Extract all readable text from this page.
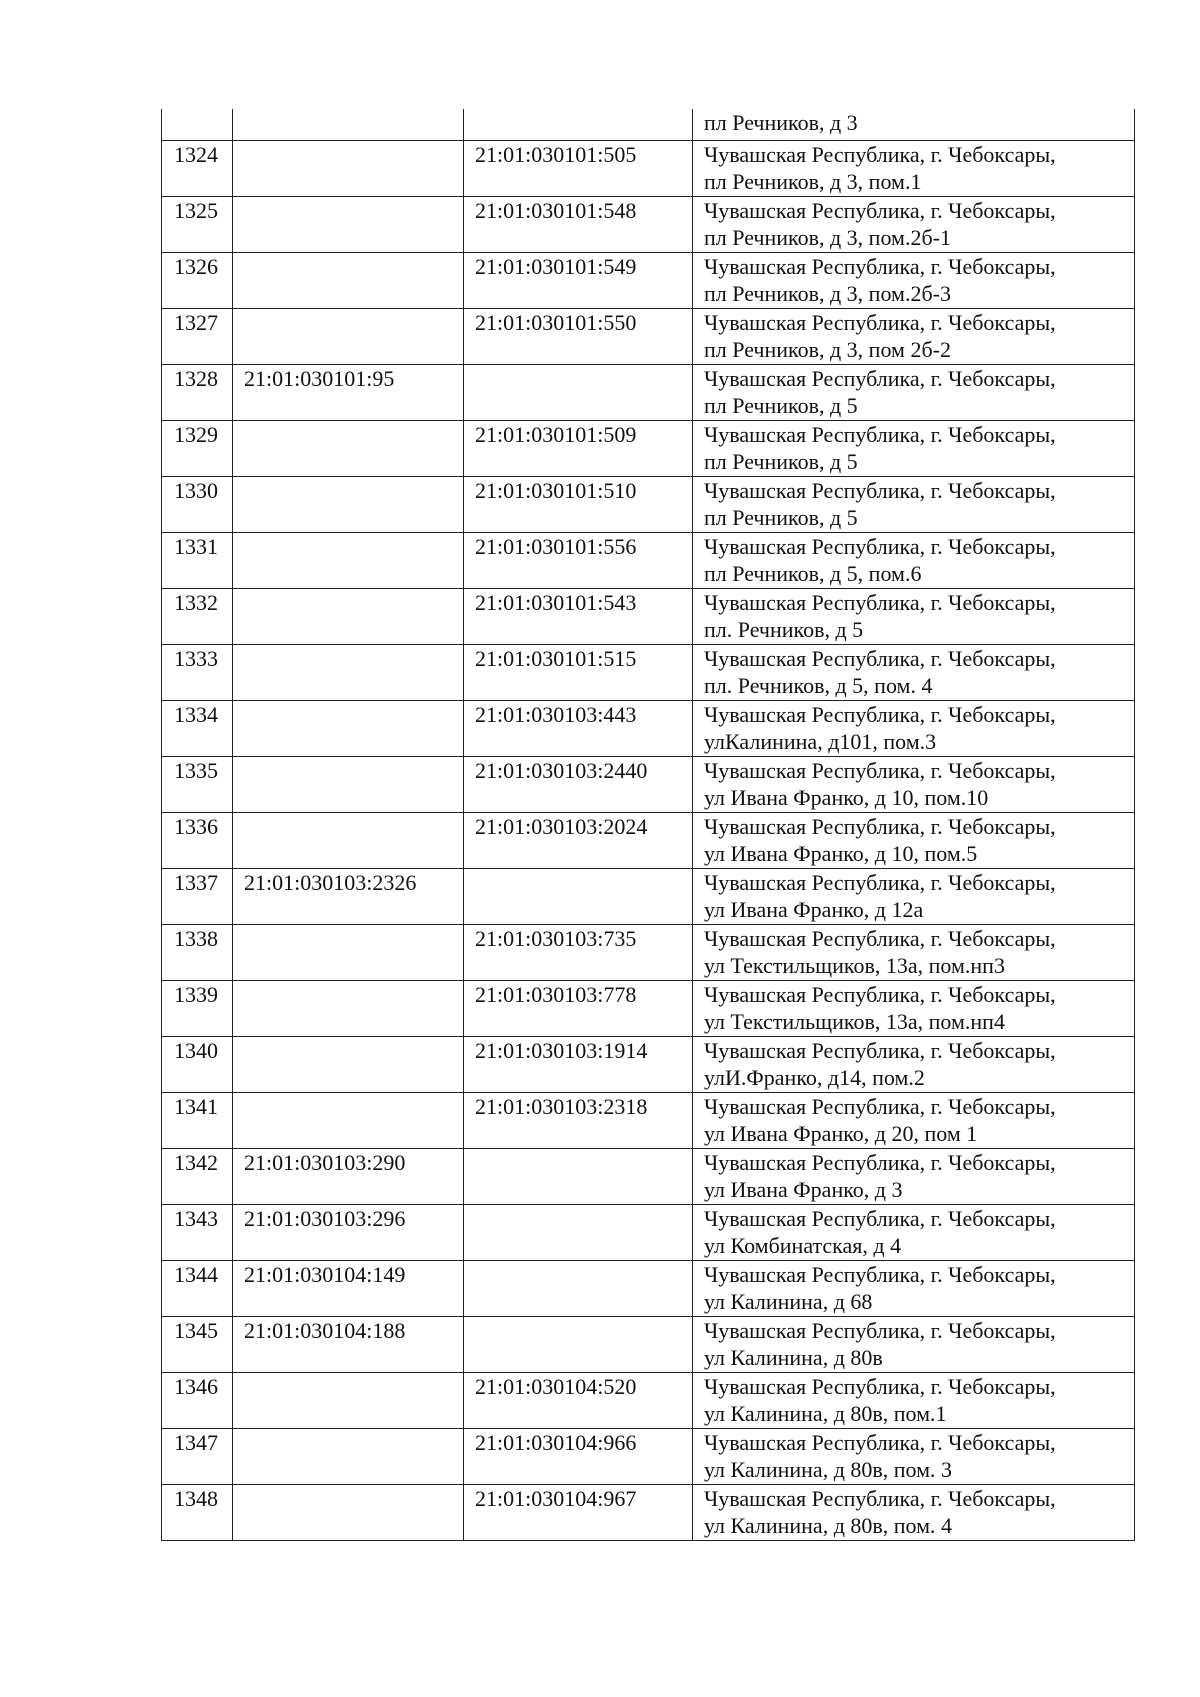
			пл Речников, д 3

1324		21:01:030101:505	Чувашская Республика, г. Чебоксары,
пл Речников, д 3, пом.1

1325		21:01:030101:548	Чувашская Республика, г. Чебоксары,
пл Речников, д 3, пом.2б-1

1326		21:01:030101:549	Чувашская Республика, г. Чебоксары,
пл Речников, д 3, пом.2б-3

1327		21:01:030101:550	Чувашская Республика, г. Чебоксары,
пл Речников, д 3, пом 2б-2

1328	21:01:030101:95		Чувашская Республика, г. Чебоксары,
пл Речников, д 5

1329		21:01:030101:509	Чувашская Республика, г. Чебоксары,
пл Речников, д 5

1330		21:01:030101:510	Чувашская Республика, г. Чебоксары,
пл Речников, д 5

1331		21:01:030101:556	Чувашская Республика, г. Чебоксары,
пл Речников, д 5, пом.6

1332		21:01:030101:543	Чувашская Республика, г. Чебоксары,
пл. Речников, д 5

1333		21:01:030101:515	Чувашская Республика, г. Чебоксары,
пл. Речников, д 5, пом. 4

1334		21:01:030103:443	Чувашская Республика, г. Чебоксары,
улКалинина, д101, пом.3

1335		21:01:030103:2440	Чувашская Республика, г. Чебоксары,
ул Ивана Франко, д 10, пом.10

1336		21:01:030103:2024	Чувашская Республика, г. Чебоксары,
ул Ивана Франко, д 10, пом.5

1337	21:01:030103:2326		Чувашская Республика, г. Чебоксары,
ул Ивана Франко, д 12а

1338		21:01:030103:735	Чувашская Республика, г. Чебоксары,
ул Текстильщиков, 13а, пом.нп3

1339		21:01:030103:778	Чувашская Республика, г. Чебоксары,
ул Текстильщиков, 13а, пом.нп4

1340		21:01:030103:1914	Чувашская Республика, г. Чебоксары,
улИ.Франко, д14, пом.2

1341		21:01:030103:2318	Чувашская Республика, г. Чебоксары,
ул Ивана Франко, д 20, пом 1

1342	21:01:030103:290		Чувашская Республика, г. Чебоксары,
ул Ивана Франко, д 3

1343	21:01:030103:296		Чувашская Республика, г. Чебоксары,
ул Комбинатская, д 4

1344	21:01:030104:149		Чувашская Республика, г. Чебоксары,
ул Калинина, д 68

1345	21:01:030104:188		Чувашская Республика, г. Чебоксары,
ул Калинина, д 80в

1346		21:01:030104:520	Чувашская Республика, г. Чебоксары,
ул Калинина, д 80в, пом.1

1347		21:01:030104:966	Чувашская Республика, г. Чебоксары,
ул Калинина, д 80в, пом. 3

1348		21:01:030104:967	Чувашская Республика, г. Чебоксары,
ул Калинина, д 80в, пом. 4
